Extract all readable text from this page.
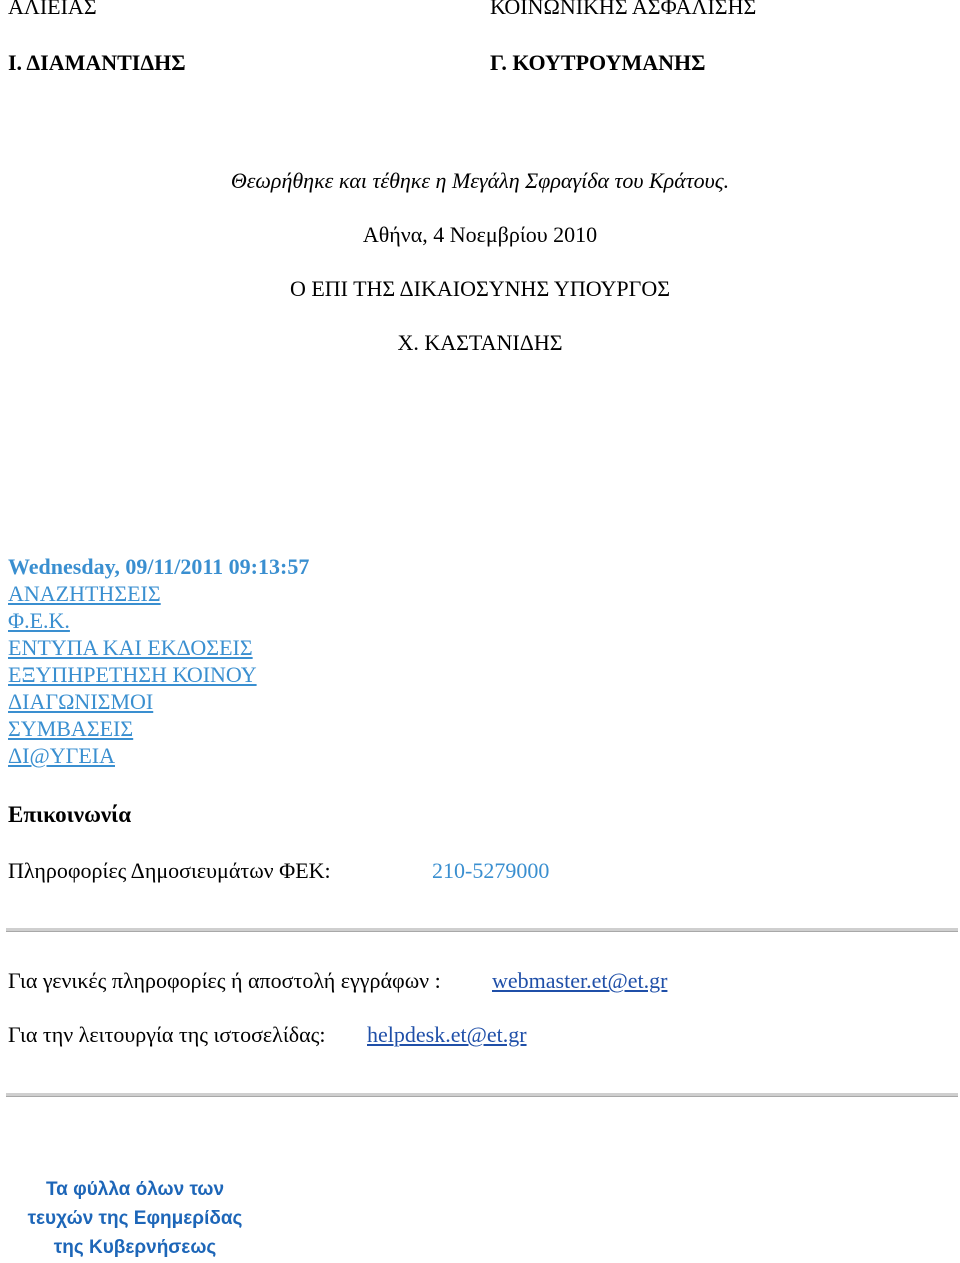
ΑΛΙΕΙΑΣ	ΚΟΙΝΩΝΙΚΗΣ ΑΣΦΑΛΙΣΗΣ
Ι. ΔΙΑΜΑΝΤΙΔΗΣ	Γ. ΚΟΥΤΡΟΥΜΑΝΗΣ
Θεωρήθηκε και τέθηκε η Μεγάλη Σφραγίδα του Κράτους.
Αθήνα, 4 Νοεμβρίου 2010
Ο ΕΠΙ ΤΗΣ ΔΙΚΑΙΟΣΥΝΗΣ ΥΠΟΥΡΓΟΣ
Χ. ΚΑΣΤΑΝΙΔΗΣ
Wednesday, 09/11/2011 09:13:57
ΑΝΑΖΗΤΗΣΕΙΣ
Φ.Ε.Κ.
ΕΝΤΥΠΑ ΚΑΙ ΕΚΔΟΣΕΙΣ
ΕΞΥΠΗΡΕΤΗΣΗ ΚΟΙΝΟΥ
ΔΙΑΓΩΝΙΣΜΟΙ
ΣΥΜΒΑΣΕΙΣ
ΔΙ@ΥΓΕΙΑ
Επικοινωνία
Πληροφορίες Δημοσιευμάτων ΦΕΚ:	210-5279000
Για γενικές πληροφορίες ή αποστολή εγγράφων : webmaster.et@et.gr
Για την λειτουργία της ιστοσελίδας: helpdesk.et@et.gr
Τα φύλλα όλων των
τευχών της Εφημερίδας
της Κυβερνήσεως
